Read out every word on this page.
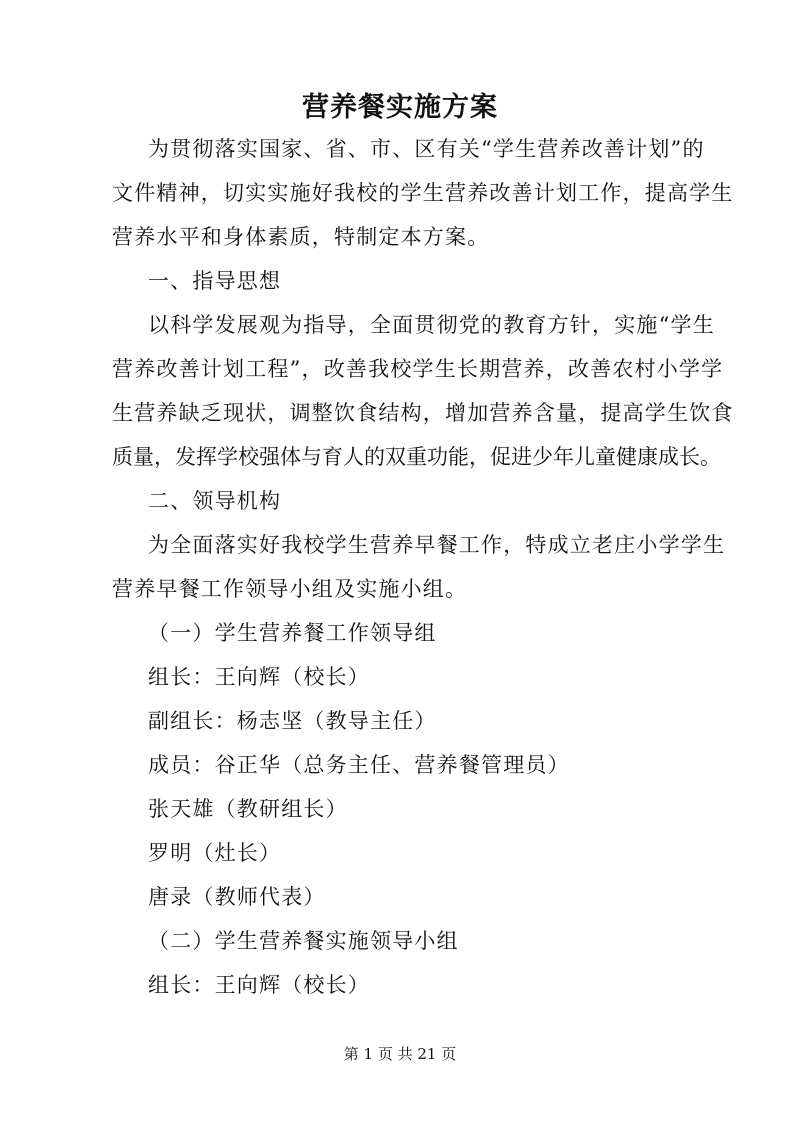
营养餐实施方案
为贯彻落实国家、省、市、区有关“学生营养改善计划”的
文件精神，切实实施好我校的学生营养改善计划工作，提高学生
营养水平和身体素质，特制定本方案。
一、指导思想
以科学发展观为指导，全面贯彻党的教育方针，实施“学生
营养改善计划工程”，改善我校学生长期营养，改善农村小学学
生营养缺乏现状，调整饮食结构，增加营养含量，提高学生饮食
质量，发挥学校强体与育人的双重功能，促进少年儿童健康成长。
二、领导机构
为全面落实好我校学生营养早餐工作，特成立老庄小学学生
营养早餐工作领导小组及实施小组。
（一）学生营养餐工作领导组
组长：王向辉（校长）
副组长：杨志坚（教导主任）
成员：谷正华（总务主任、营养餐管理员）
张天雄（教研组长）
罗明（灶长）
唐录（教师代表）
（二）学生营养餐实施领导小组
组长：王向辉（校长）
第 1 页 共 21 页
